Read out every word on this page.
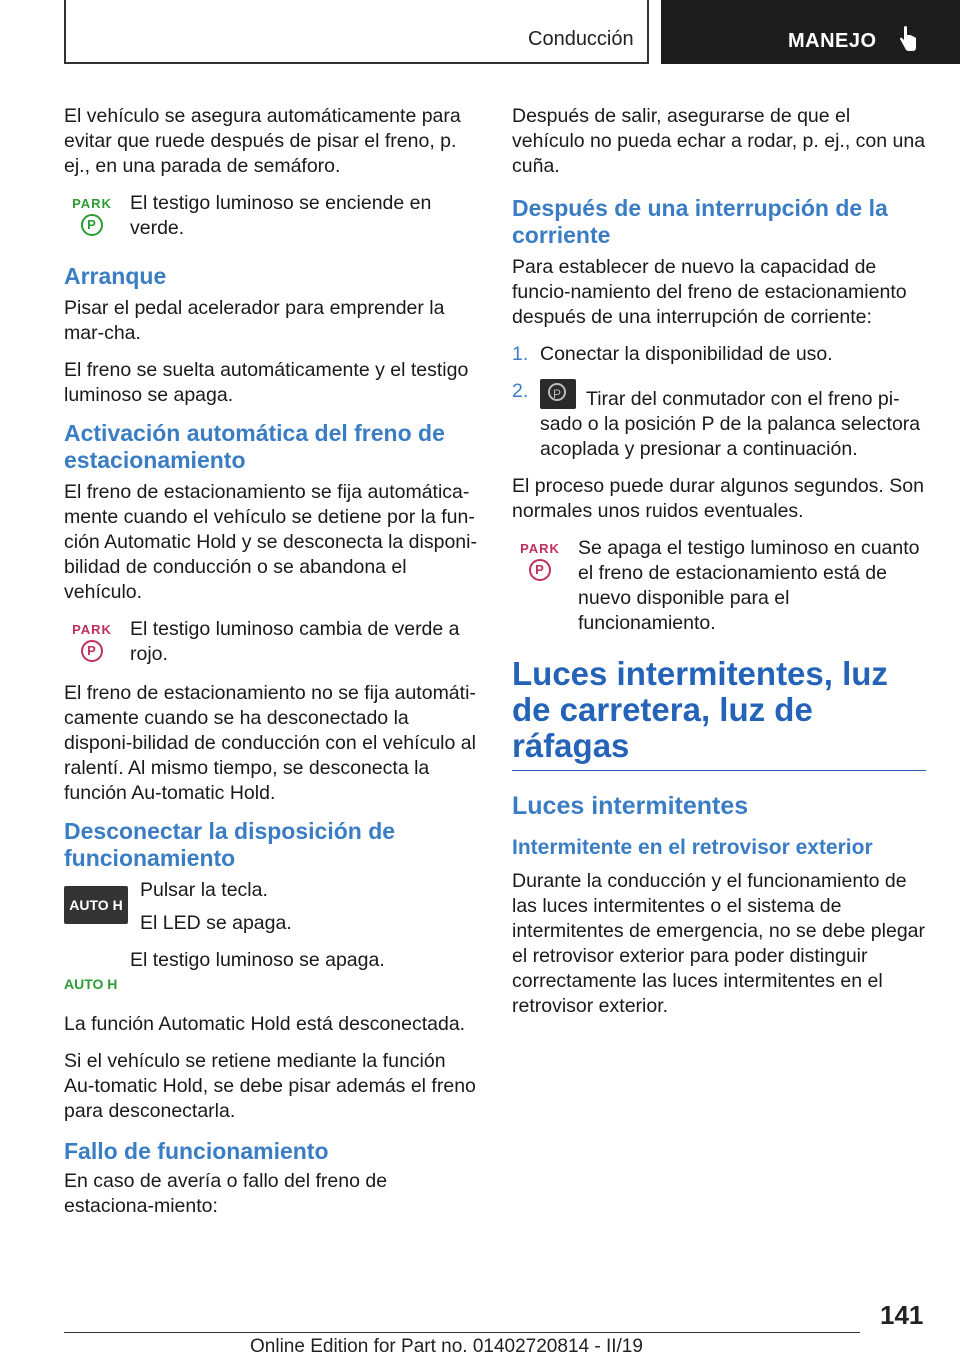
Conducción	MANEJO

El vehículo se asegura automáticamente para evitar que ruede después de pisar el freno, p. ej., en una parada de semáforo.

PARK
P

El testigo luminoso se enciende en verde.

Arranque

Pisar el pedal acelerador para emprender la mar-cha.

El freno se suelta automáticamente y el testigo luminoso se apaga.

Activación automática del freno de estacionamiento

El freno de estacionamiento se fija automática-mente cuando el vehículo se detiene por la fun-ción Automatic Hold y se desconecta la disponi-bilidad de conducción o se abandona el vehículo.

PARK
P

El testigo luminoso cambia de verde a rojo.

El freno de estacionamiento no se fija automáti-camente cuando se ha desconectado la disponi-bilidad de conducción con el vehículo al ralentí. Al mismo tiempo, se desconecta la función Au-tomatic Hold.

Desconectar la disposición de funcionamiento
AUTO H

Pulsar la tecla.

El LED se apaga.

AUTO H

El testigo luminoso se apaga.

La función Automatic Hold está desconectada.

Si el vehículo se retiene mediante la función Au-tomatic Hold, se debe pisar además el freno para desconectarla.

Fallo de funcionamiento

En caso de avería o fallo del freno de estaciona-miento:

Después de salir, asegurarse de que el vehículo no pueda echar a rodar, p. ej., con una cuña.

Después de una interrupción de la corriente

Para establecer de nuevo la capacidad de funcio-namiento del freno de estacionamiento después de una interrupción de corriente:

1. Conectar la disponibilidad de uso.
2.
P	Tirar del conmutador con el freno pi-sado o la posición P de la palanca selectora acoplada y presionar a continuación.

El proceso puede durar algunos segundos. Son normales unos ruidos eventuales.

PARK
P

Se apaga el testigo luminoso en cuanto el freno de estacionamiento está de nuevo disponible para el funcionamiento.

Luces intermitentes, luz de carretera, luz de ráfagas
Luces intermitentes
Intermitente en el retrovisor exterior

Durante la conducción y el funcionamiento de las luces intermitentes o el sistema de intermitentes de emergencia, no se debe plegar el retrovisor exterior para poder distinguir correctamente las luces intermitentes en el retrovisor exterior.

141
Online Edition for Part no. 01402720814 - II/19
